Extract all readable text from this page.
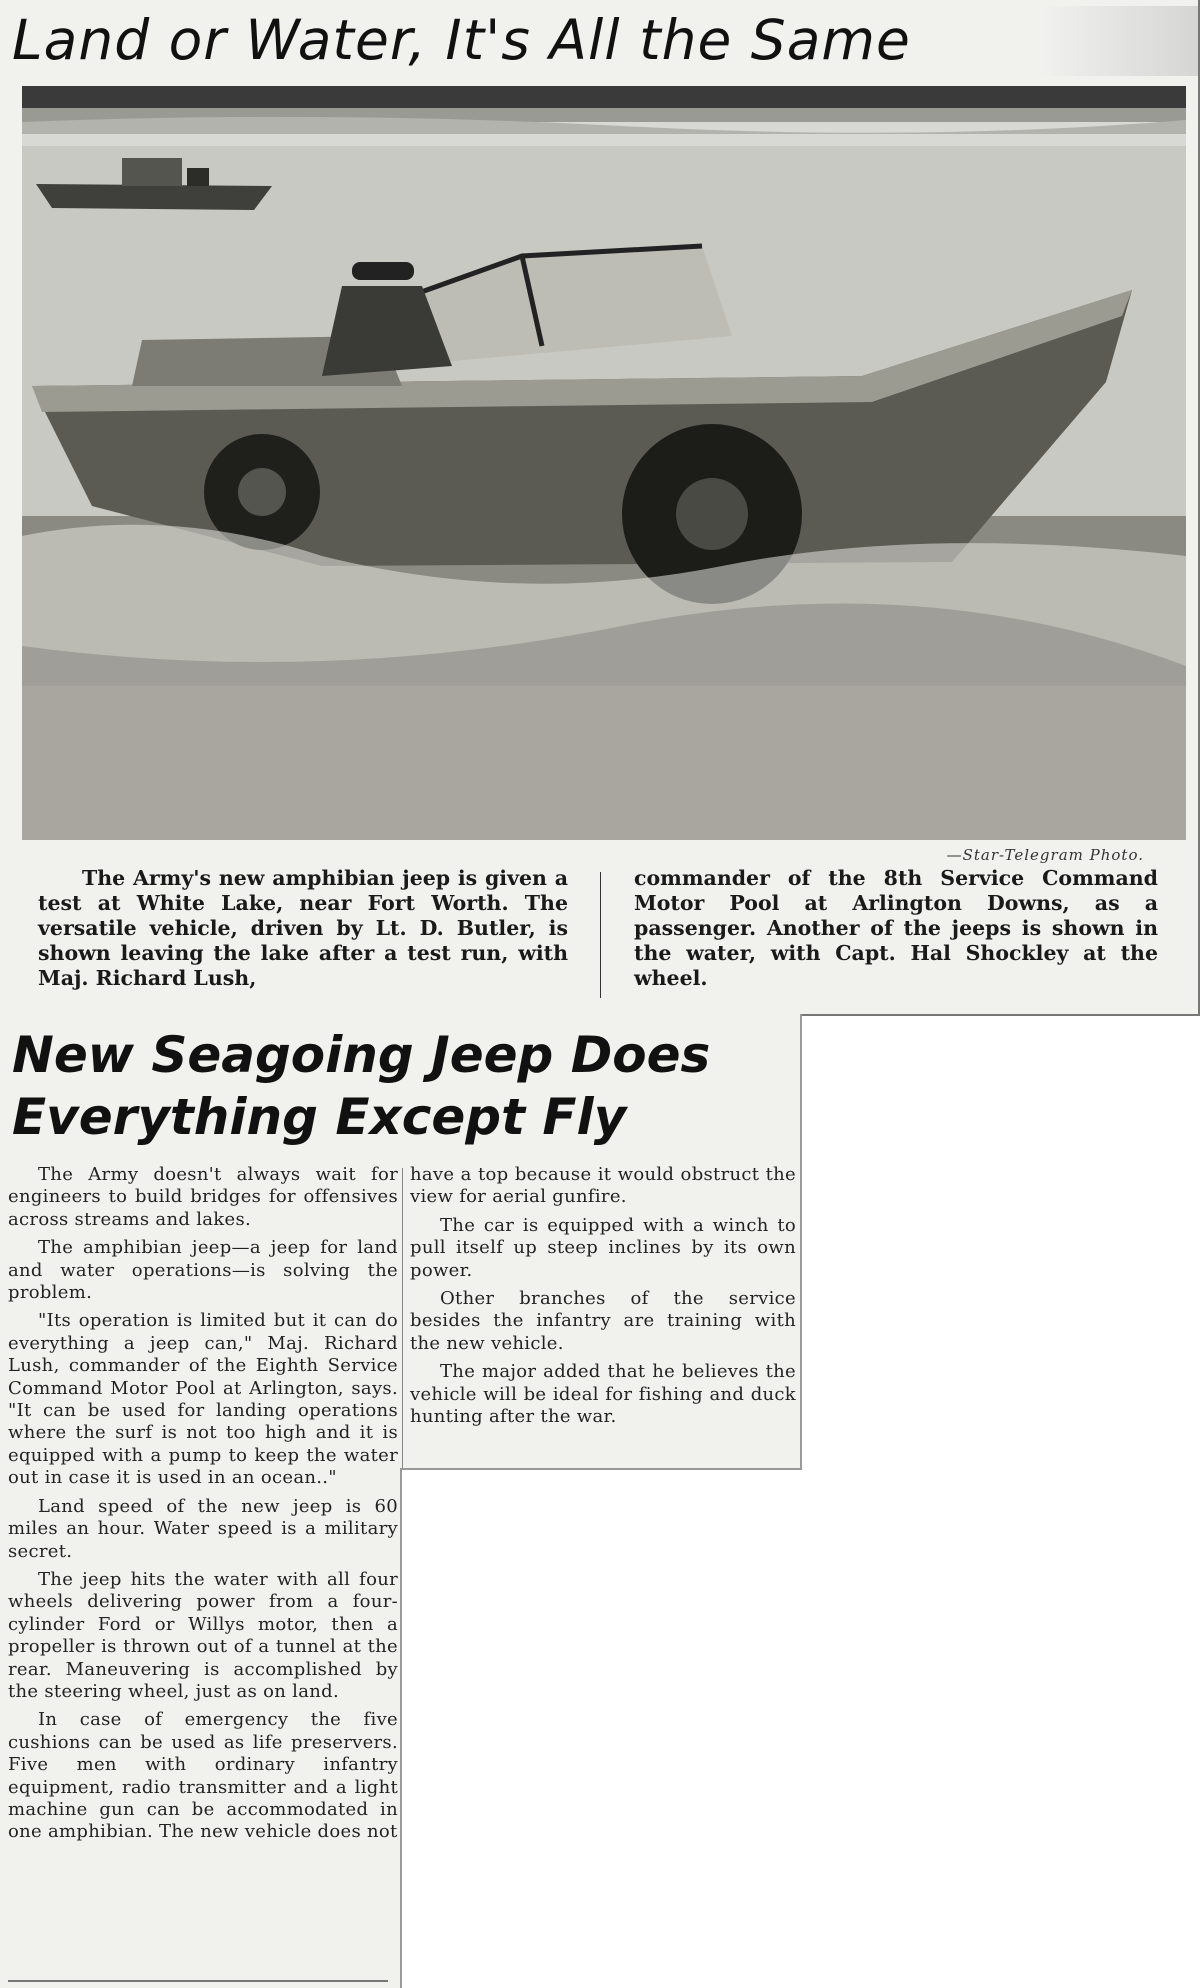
Land or Water, It's All the Same

—Star-Telegram Photo.

The Army's new amphibian jeep is given a test at White Lake, near Fort Worth. The versatile vehicle, driven by Lt. D. Butler, is shown leaving the lake after a test run, with Maj. Richard Lush,

commander of the 8th Service Command Motor Pool at Arlington Downs, as a passenger. Another of the jeeps is shown in the water, with Capt. Hal Shockley at the wheel.

New Seagoing Jeep Does Everything Except Fly

The Army doesn't always wait for engineers to build bridges for offensives across streams and lakes.

The amphibian jeep—a jeep for land and water operations—is solving the problem.

"Its operation is limited but it can do everything a jeep can," Maj. Richard Lush, commander of the Eighth Service Command Motor Pool at Arlington, says. "It can be used for landing operations where the surf is not too high and it is equipped with a pump to keep the water out in case it is used in an ocean.."

Land speed of the new jeep is 60 miles an hour. Water speed is a military secret.

The jeep hits the water with all four wheels delivering power from a four-cylinder Ford or Willys motor, then a propeller is thrown out of a tunnel at the rear. Maneuvering is accomplished by the steering wheel, just as on land.

In case of emergency the five cushions can be used as life preservers. Five men with ordinary infantry equipment, radio transmitter and a light machine gun can be accommodated in one amphibian. The new vehicle does not

have a top because it would obstruct the view for aerial gunfire.

The car is equipped with a winch to pull itself up steep inclines by its own power.

Other branches of the service besides the infantry are training with the new vehicle.

The major added that he believes the vehicle will be ideal for fishing and duck hunting after the war.
